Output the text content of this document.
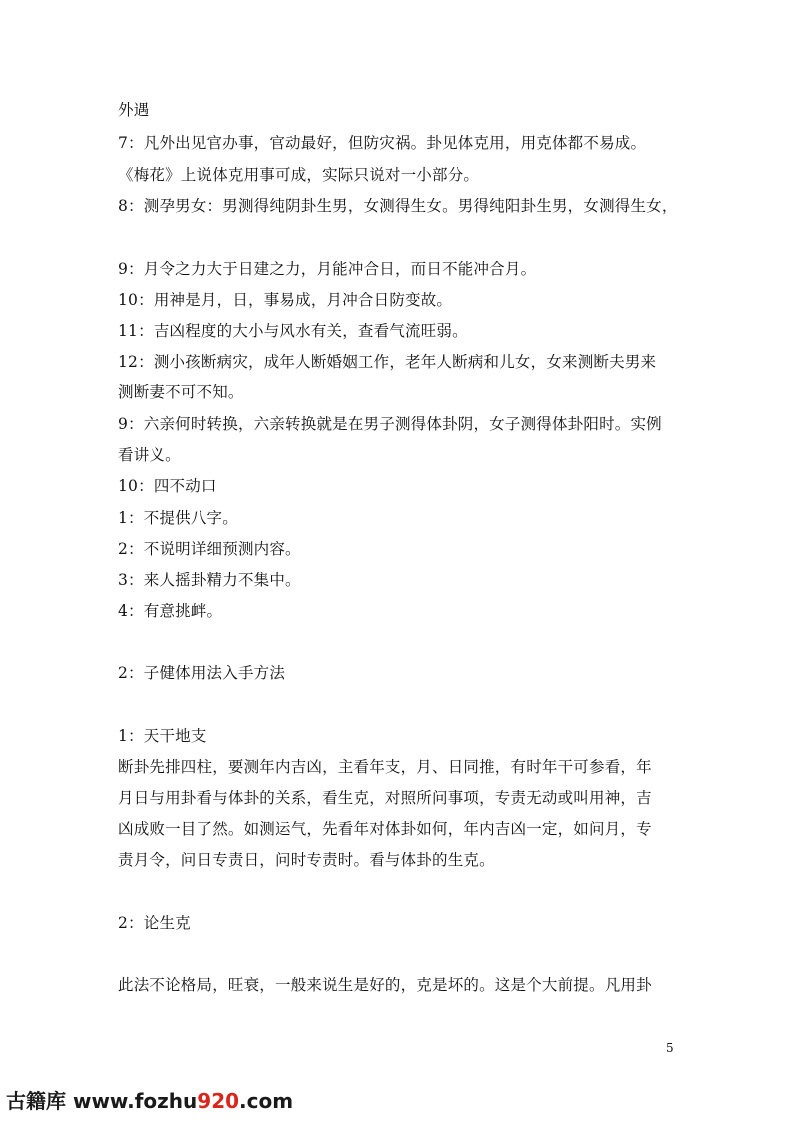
外遇
7：凡外出见官办事，官动最好，但防灾祸。卦见体克用，用克体都不易成。
《梅花》上说体克用事可成，实际只说对一小部分。
8：测孕男女：男测得纯阴卦生男，女测得生女。男得纯阳卦生男，女测得生女，
9：月令之力大于日建之力，月能冲合日，而日不能冲合月。
10：用神是月，日，事易成，月冲合日防变故。
11：吉凶程度的大小与风水有关，查看气流旺弱。
12：测小孩断病灾，成年人断婚姻工作，老年人断病和儿女，女来测断夫男来
测断妻不可不知。
9：六亲何时转换，六亲转换就是在男子测得体卦阴，女子测得体卦阳时。实例
看讲义。
10：四不动口
1：不提供八字。
2：不说明详细预测内容。
3：来人摇卦精力不集中。
4：有意挑衅。
2：子健体用法入手方法
1：天干地支
断卦先排四柱，要测年内吉凶，主看年支，月、日同推，有时年干可参看，年
月日与用卦看与体卦的关系，看生克，对照所问事项，专责无动或叫用神，吉
凶成败一目了然。如测运气，先看年对体卦如何，年内吉凶一定，如问月，专
责月令，问日专责日，问时专责时。看与体卦的生克。
2：论生克
此法不论格局，旺衰，一般来说生是好的，克是坏的。这是个大前提。凡用卦
5
古籍库 www.fozhu920.com
